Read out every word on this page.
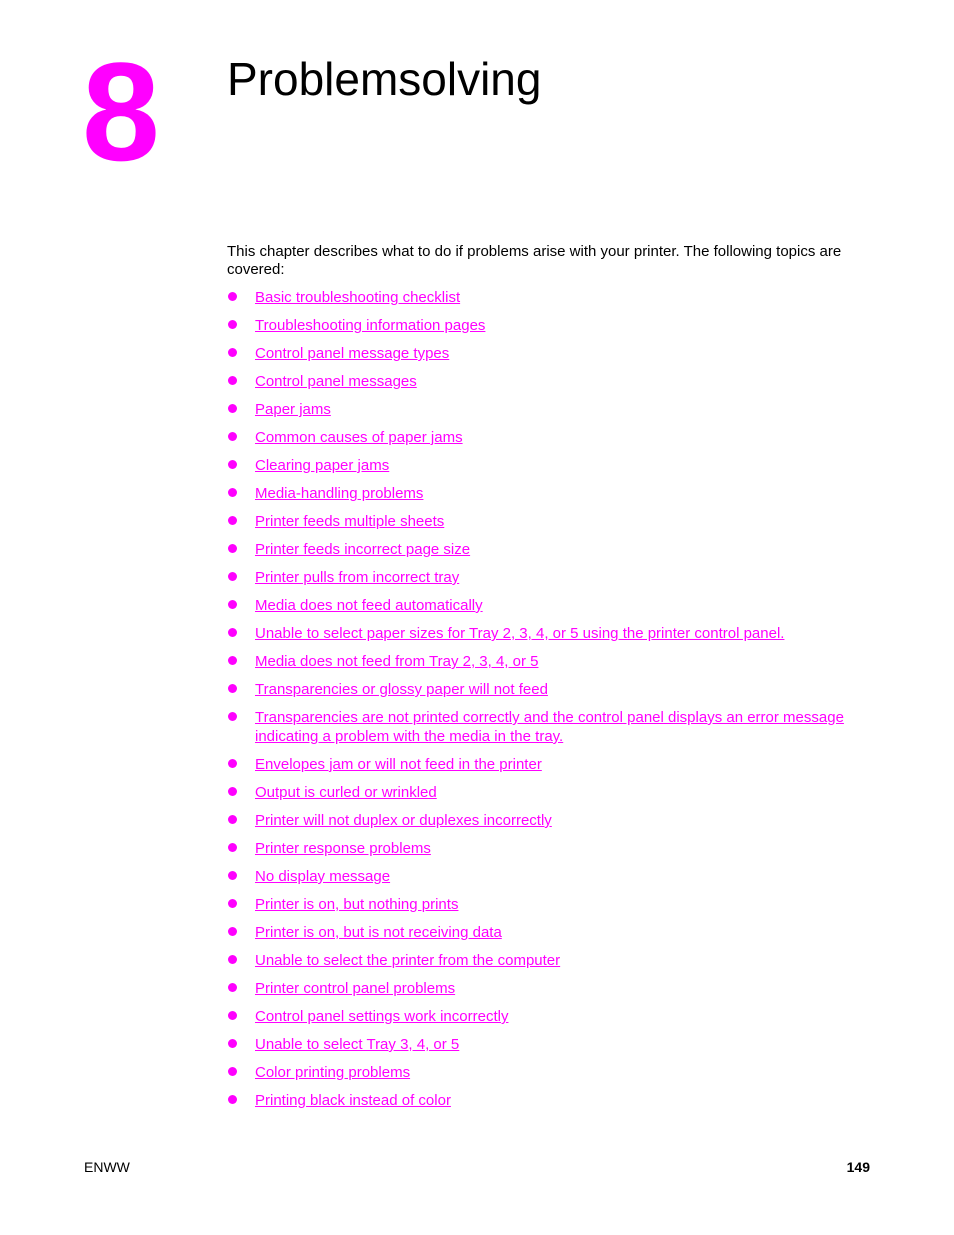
8 Problemsolving

This chapter describes what to do if problems arise with your printer. The following topics are covered:

Basic troubleshooting checklist
Troubleshooting information pages
Control panel message types
Control panel messages
Paper jams
Common causes of paper jams
Clearing paper jams
Media-handling problems
Printer feeds multiple sheets
Printer feeds incorrect page size
Printer pulls from incorrect tray
Media does not feed automatically
Unable to select paper sizes for Tray 2, 3, 4, or 5 using the printer control panel.
Media does not feed from Tray 2, 3, 4, or 5
Transparencies or glossy paper will not feed
Transparencies are not printed correctly and the control panel displays an error message indicating a problem with the media in the tray.
Envelopes jam or will not feed in the printer
Output is curled or wrinkled
Printer will not duplex or duplexes incorrectly
Printer response problems
No display message
Printer is on, but nothing prints
Printer is on, but is not receiving data
Unable to select the printer from the computer
Printer control panel problems
Control panel settings work incorrectly
Unable to select Tray 3, 4, or 5
Color printing problems
Printing black instead of color
ENWW	149
